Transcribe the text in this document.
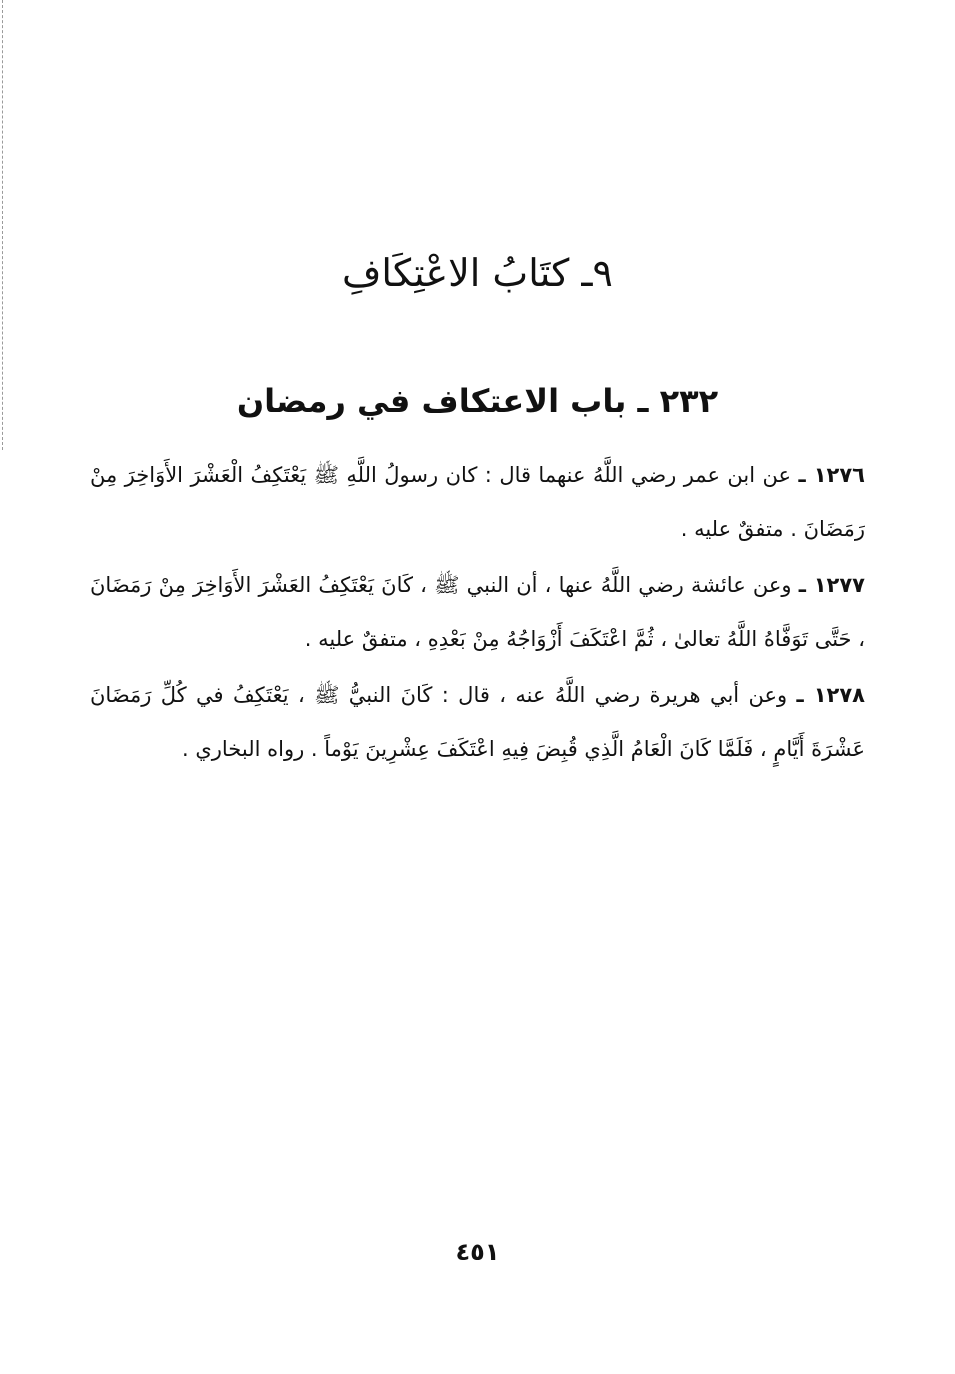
٩ـ كتَابُ الاعْتِكَافِ
٢٣٢ ـ باب الاعتكاف في رمضان

١٢٧٦ ـ عن ابن عمر رضي اللَّهُ عنهما قال : كان رسولُ اللَّهِ ﷺ يَعْتَكِفُ الْعَشْرَ الأَوَاخِرَ مِنْ رَمَضَانَ . متفقٌ عليه .

١٢٧٧ ـ وعن عائشة رضي اللَّهُ عنها ، أن النبي ﷺ ، كَانَ يَعْتَكِفُ العَشْرَ الأَوَاخِرَ مِنْ رَمَضَانَ ، حَتَّى تَوَفَّاهُ اللَّهُ تعالىٰ ، ثُمَّ اعْتَكَفَ أَزْوَاجُهُ مِنْ بَعْدِهِ ، متفقٌ عليه .

١٢٧٨ ـ وعن أبي هريرة رضي اللَّهُ عنه ، قال : كَانَ النبيُّ ﷺ ، يَعْتَكِفُ في كُلِّ رَمَضَانَ عَشْرَةَ أَيَّامٍ ، فَلَمَّا كَانَ الْعَامُ الَّذِي قُبِضَ فِيهِ اعْتَكَفَ عِشْرِينَ يَوْماً . رواه البخاري .

٤٥١
